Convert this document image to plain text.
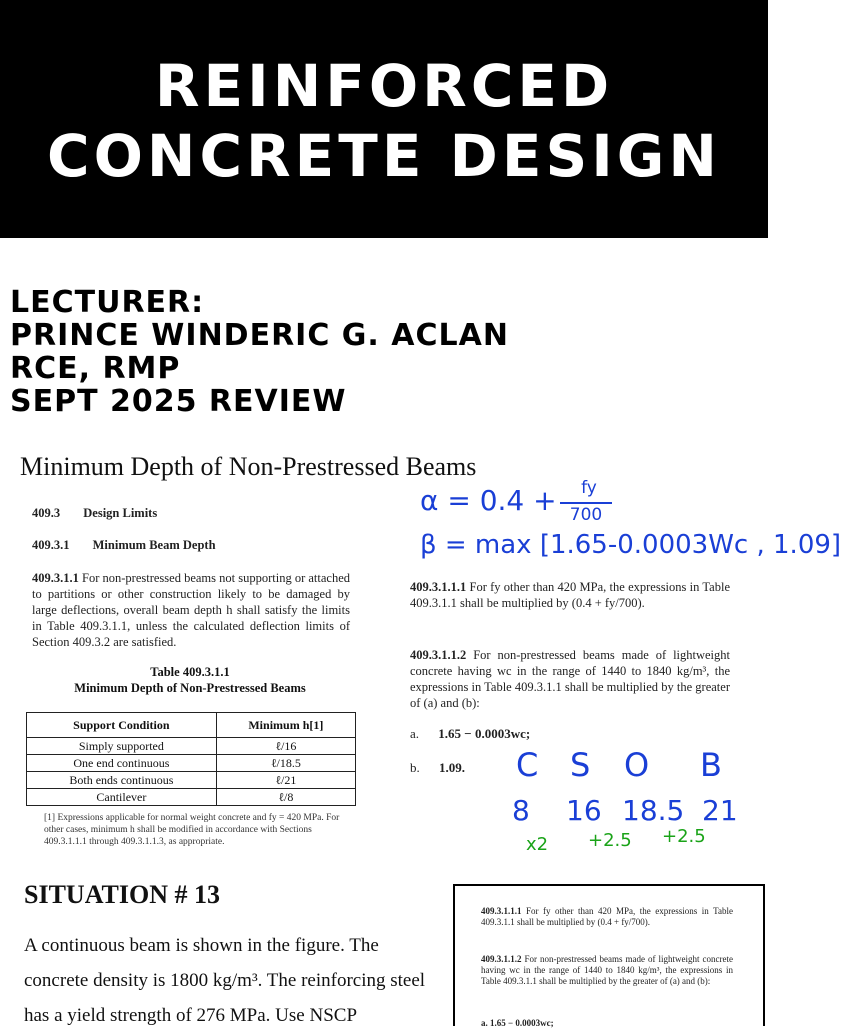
REINFORCED
CONCRETE DESIGN
LECTURER:
PRINCE WINDERIC G. ACLAN
RCE, RMP
SEPT 2025 REVIEW
Minimum Depth of Non-Prestressed Beams
409.3 Design Limits
409.3.1 Minimum Beam Depth
409.3.1.1 For non-prestressed beams not supporting or attached to partitions or other construction likely to be damaged by large deflections, overall beam depth h shall satisfy the limits in Table 409.3.1.1, unless the calculated deflection limits of Section 409.3.2 are satisfied.
Table 409.3.1.1
Minimum Depth of Non-Prestressed Beams
Support Condition	Minimum h[1]
Simply supported	ℓ/16
One end continuous	ℓ/18.5
Both ends continuous	ℓ/21
Cantilever	ℓ/8
[1] Expressions applicable for normal weight concrete and fy = 420 MPa. For other cases, minimum h shall be modified in accordance with Sections 409.3.1.1.1 through 409.3.1.1.3, as appropriate.
409.3.1.1.1 For fy other than 420 MPa, the expressions in Table 409.3.1.1 shall be multiplied by (0.4 + fy/700).
409.3.1.1.2 For non-prestressed beams made of lightweight concrete having wc in the range of 1440 to 1840 kg/m³, the expressions in Table 409.3.1.1 shall be multiplied by the greater of (a) and (b):
a. 1.65 − 0.0003wc;
b. 1.09.
α = 0.4 +	fy
700
β = max [1.65-0.0003Wc , 1.09]
C S O B
8 16 18.5 21
x2 +2.5 +2.5
SITUATION # 13
A continuous beam is shown in the figure. The concrete density is 1800 kg/m³. The reinforcing steel has a yield strength of 276 MPa. Use NSCP
409.3.1.1.1 For fy other than 420 MPa, the expressions in Table 409.3.1.1 shall be multiplied by (0.4 + fy/700).
409.3.1.1.2 For non-prestressed beams made of lightweight concrete having wc in the range of 1440 to 1840 kg/m³, the expressions in Table 409.3.1.1 shall be multiplied by the greater of (a) and (b):
a. 1.65 − 0.0003wc;
